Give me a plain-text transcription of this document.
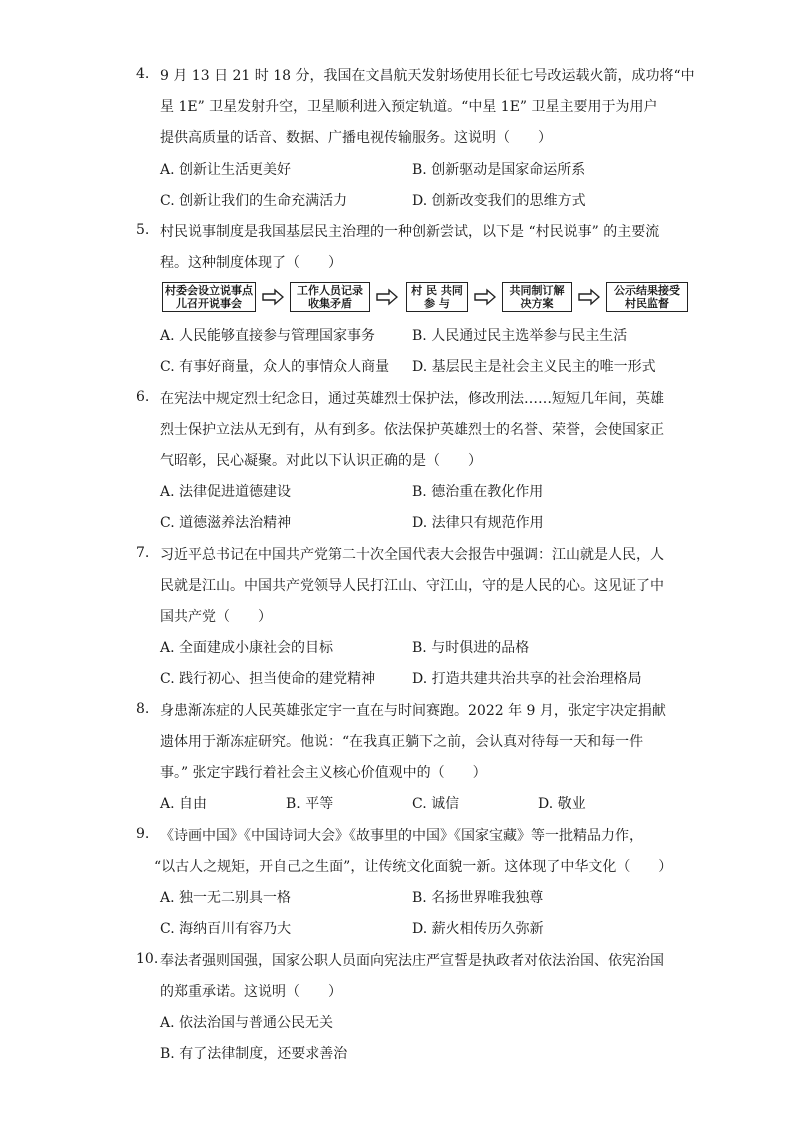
4. 9 月 13 日 21 时 18 分，我国在文昌航天发射场使用长征七号改运载火箭，成功将“中
星 1E” 卫星发射升空，卫星顺利进入预定轨道。“中星 1E” 卫星主要用于为用户
提供高质量的话音、数据、广播电视传输服务。这说明（　　）
A. 创新让生活更美好	B. 创新驱动是国家命运所系
C. 创新让我们的生命充满活力	D. 创新改变我们的思维方式
5. 村民说事制度是我国基层民主治理的一种创新尝试，以下是 “村民说事” 的主要流
程。这种制度体现了（　　）
村委会设立说事点儿召开说事会
工作人员记录收集矛盾
村 民 共同 参 与
共同制订解决方案
公示结果接受村民监督
A. 人民能够直接参与管理国家事务	B. 人民通过民主选举参与民主生活
C. 有事好商量，众人的事情众人商量 D. 基层民主是社会主义民主的唯一形式
6. 在宪法中规定烈士纪念日，通过英雄烈士保护法，修改刑法……短短几年间，英雄
烈士保护立法从无到有，从有到多。依法保护英雄烈士的名誉、荣誉，会使国家正
气昭彰，民心凝聚。对此以下认识正确的是（　　）
A. 法律促进道德建设	B. 德治重在教化作用
C. 道德滋养法治精神	D. 法律只有规范作用
7. 习近平总书记在中国共产党第二十次全国代表大会报告中强调：江山就是人民，人
民就是江山。中国共产党领导人民打江山、守江山，守的是人民的心。这见证了中
国共产党（　　）
A. 全面建成小康社会的目标	B. 与时俱进的品格
C. 践行初心、担当使命的建党精神	D. 打造共建共治共享的社会治理格局
8. 身患渐冻症的人民英雄张定宇一直在与时间赛跑。2022 年 9 月，张定宇决定捐献
遗体用于渐冻症研究。他说：“在我真正躺下之前，会认真对待每一天和每一件
事。” 张定宇践行着社会主义核心价值观中的（　　）
A. 自由	B. 平等	C. 诚信	D. 敬业
9. 《诗画中国》《中国诗词大会》《故事里的中国》《国家宝藏》等一批精品力作，
“以古人之规矩，开自己之生面”，让传统文化面貌一新。这体现了中华文化（　　）
A. 独一无二别具一格	B. 名扬世界唯我独尊
C. 海纳百川有容乃大	D. 薪火相传历久弥新
10. 奉法者强则国强，国家公职人员面向宪法庄严宣誓是执政者对依法治国、依宪治国
的郑重承诺。这说明（　　）
A. 依法治国与普通公民无关
B. 有了法律制度，还要求善治
